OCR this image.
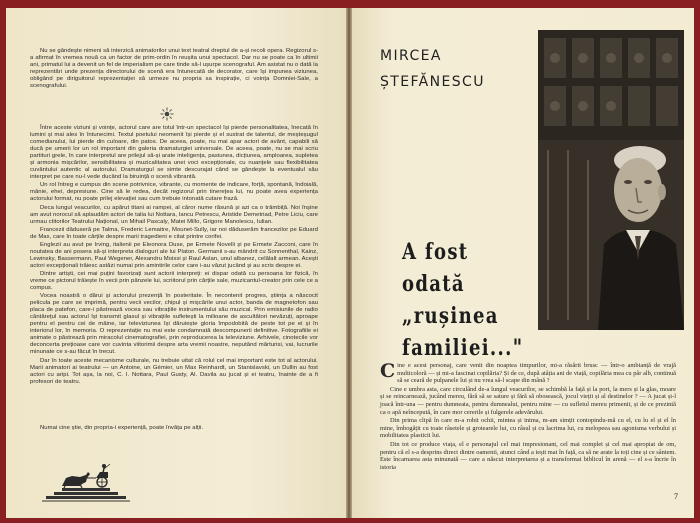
Nu se gândește nimeni să interzică animatorilor unui text teatral dreptul de a-și recoli opera. Regizorul s-a afirmat în vremea nouă ca un factor de prim-ordin în reușita unui spectacol. Dar nu se poate ca în ultimii ani, primatul lui a devenit un fel de imperialism pe care tinde să-l ușurpe scenograful. Am asistat nu o dată la reprezentări unde prezența directorului de scenă era întunecată de decorator, care își impunea viziunea, obligând pe diriguitorul reprezentației să urmeze nu propria sa inspirație, ci voința Domniei-Sale, a scenografului.

Între aceste viziuni și voințe, actorul care are totul într-un spectacol își pierde personalitatea, înecată în lumini și mai ales în întunecimi. Textul poetului neomenit își pierde și el sustrat de talentul, de meșteșugul comedianului, lui pierde din culoare, din patos. De aceea, poate, nu mai apar actori de avânt, capabili să ducă pe umerii lor un rol important din galeria dramaturgiei universale. De aceea, poate, nu se mai scriu partituri grele, în care interpretul are prilejul să-și arate inteligența, pasiunea, dicțiunea, amploarea, supletea și armonia mișcărilor, sensibilitatea și muzicalitatea unei voci excepționale, cu nuanțele sau flexibilitatea cuvântului autentic al autorului. Dramaturgul se simte descurajat când se gândește la eventualul său interpret pe care nu-l vede ducând la biruință o scenă vibrantă.

Un rol întreg e cumpus din scene potrivnice, vibrante, cu momente de indicare, forță, spontană, îndoială, mânie, ehei, depresiune. Cine să le redea, decât regizorul prin tinerețea lui, nu poate avea experiența actorului format, nu poate prilej elevației sau cum trebuie intonată cutare frază.

Deca lungul veacurilor, cu apărut titani ai rampei, al căror nume răsună și azi ca o trâmbiță. Noi înșine am avut norocul să aplaudăm actori de talia lui Nottara, Iancu Petrescu, Aristide Demetriad, Petre Liciu, care urmau ctitorilor Teatrului Național, un Mihail Pascaly, Matei Millo, Grigore Manolescu, Iulian.

Francezii dăduseră pe Talma, Frederic Lemaitre, Mounet-Sully, iar noi dăduserăm francezilor pe Eduard de Max, care în toate cărțile despre marii tragedieni e citat printre corifei.

Englezii au avut pe Irving, italienii pe Eleonora Duse, pe Ermete Novelli și pe Ermete Zacconi, care în noutatea de ani posera să-și interpreta dialoguri ale lui Platon. Germanii s-au mândrit cu Sonnenthal, Kainz, Lewinsky, Bassermann, Paul Wegener, Alexandru Moissi și Raul Aslan, unul albanez, celălalt armean. Acești actori excepționali trăiesc astăzi numai prin amintirile celor care i-au văzut jucând și au scris despre ei.

Dintre artiști, cei mai puțini favorizați sunt actorii interpreți: ei dispar odată cu persoana lor fizică, în vreme ce pictorul trăiește în vecii prin pânzele lui, scriitorul prin cărțile sale, muzicantul-creator prin cele ce a compus.

Vocea noastră o dărui și actorului prezență în posteritate. În necontenit progres, știința a născocit pelicula pe care se imprimă, pentru vecii vecilor, chipul și mișcările unui actor, banda de magnetofon sau placa de patefon, care-i păstrează vocea sau vibrațiile instrumentului său muzical. Prin emisiunile de radio cântărețul sau actorul își transmit glasul și vibrațiile sufletești la milioane de ascultători nevăzuți, aproape pentru el pentru cei de mâine, iar televiziunea își dăruiește gloria împodobită de peste tot pe ei și în interiorul lor, în memoria. O reprezentație nu mai este condamnată descompunerii definitive. Fotografiile ei animate o păstrează prin miracolul cinematografiei, prin reproducerea la televiziune. Arhivele, cinotecile vor deconcerta prețioase care vor cuvinta viitorimii despre arta vremii noastre, neputând mărturisi, vai, lucrurile minunate ce s-au făcut în trecut.

Dar în toate aceste mecanisme culturale, nu trebuie uitat că rolul cel mai important este tot al actorului. Marii animatori ai teatrului — un Antoine, un Gémier, un Max Reinhardt, un Stanislavski, un Dullin au fost actori cu aripi. Tot așa, la noi, C. I. Nottara, Paul Gusty, Al. Davila au jucat și ei teatru, înainte de a fi profesori de teatru.

Numai cine știe, din propria-i experiență, poate învăța pe alții.

MIRCEA
ȘTEFĂNESCU
A fost odată „rușinea familiei..."

Cine e acest personaj, care venit din noaptea timpurilor, mi-a răsărit brusc — într-o ambianță de vrajă multicoloră — și mi-a fascinat copilăria? Și de ce, după atâția ani de viață, copilăria mea cu pâr alb, continuă să se ceară de pulpanele lui și nu vrea să-l scape din mână ?

Cine e umbra asta, care circulând de-a lungul veacurilor, se schimbă la față și la port, la mers și la glas, moare și se reincarnează, jucând mereu, fără să se sature și fără să obosească, jocul vieții și al destinelor ? — A jucat și-l joacă într-una — pentru dumneata, pentru dumnealui, pentru mine — cu sufletul mereu primenit, și de ce prezintă ca o apă neîncepută, în care mor cererile și fulgerele adevărului.

Din prima clipă în care m-a robit ochii, mintea și inima, m-am simțit contopindu-mă cu el, cu lu el și el în mine, îmbogățit cu toate râsetele și grotearele lui, cu râsul și cu lacrima lui, cu melopeea sau agonisma verbului și mobilitatea plasticii lui.

Din tot ce produce viața, el e personajul cel mai impresionant, cel mai complet și cel mai apropiat de om, pentru că el s-a desprins direct dintre oamenii, atunci când a ieșit mai în față, ca să ne arate la toți cine și ce sântem. Este încarnarea asta minunată — care a născut interpretarea și a transformat biblicul în arenă — el s-a încrie în istoria

7
